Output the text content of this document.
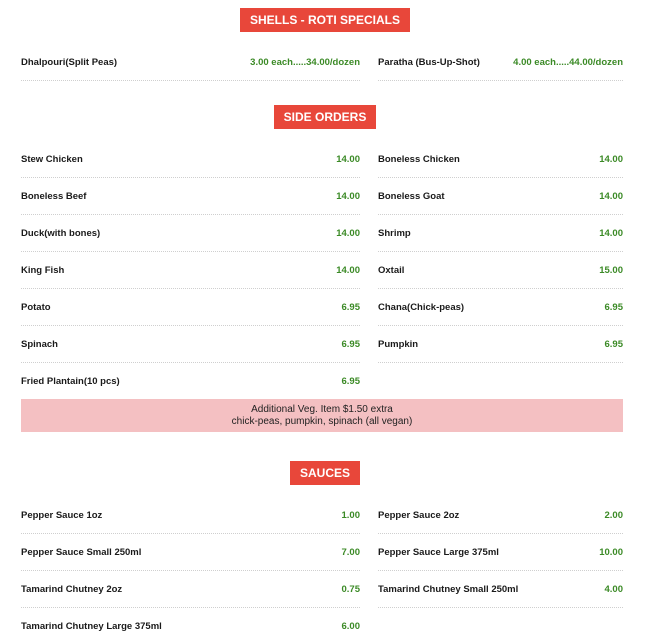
SHELLS - ROTI SPECIALS
Dhalpouri(Split Peas)	3.00 each.....34.00/dozen Paratha (Bus-Up-Shot)	4.00 each.....44.00/dozen
SIDE ORDERS
Stew Chicken	14.00
Boneless Beef	14.00
Duck(with bones)	14.00
King Fish	14.00
Potato	6.95
Spinach	6.95
Fried Plantain(10 pcs)	6.95
Boneless Chicken	14.00
Boneless Goat	14.00
Shrimp	14.00
Oxtail	15.00
Chana(Chick-peas)	6.95
Pumpkin	6.95
Additional Veg. Item $1.50 extra
chick-peas, pumpkin, spinach (all vegan)
SAUCES
Pepper Sauce 1oz	1.00
Pepper Sauce Small 250ml	7.00
Tamarind Chutney 2oz	0.75
Tamarind Chutney Large 375ml	6.00
Pepper Sauce 2oz	2.00
Pepper Sauce Large 375ml	10.00
Tamarind Chutney Small 250ml	4.00
